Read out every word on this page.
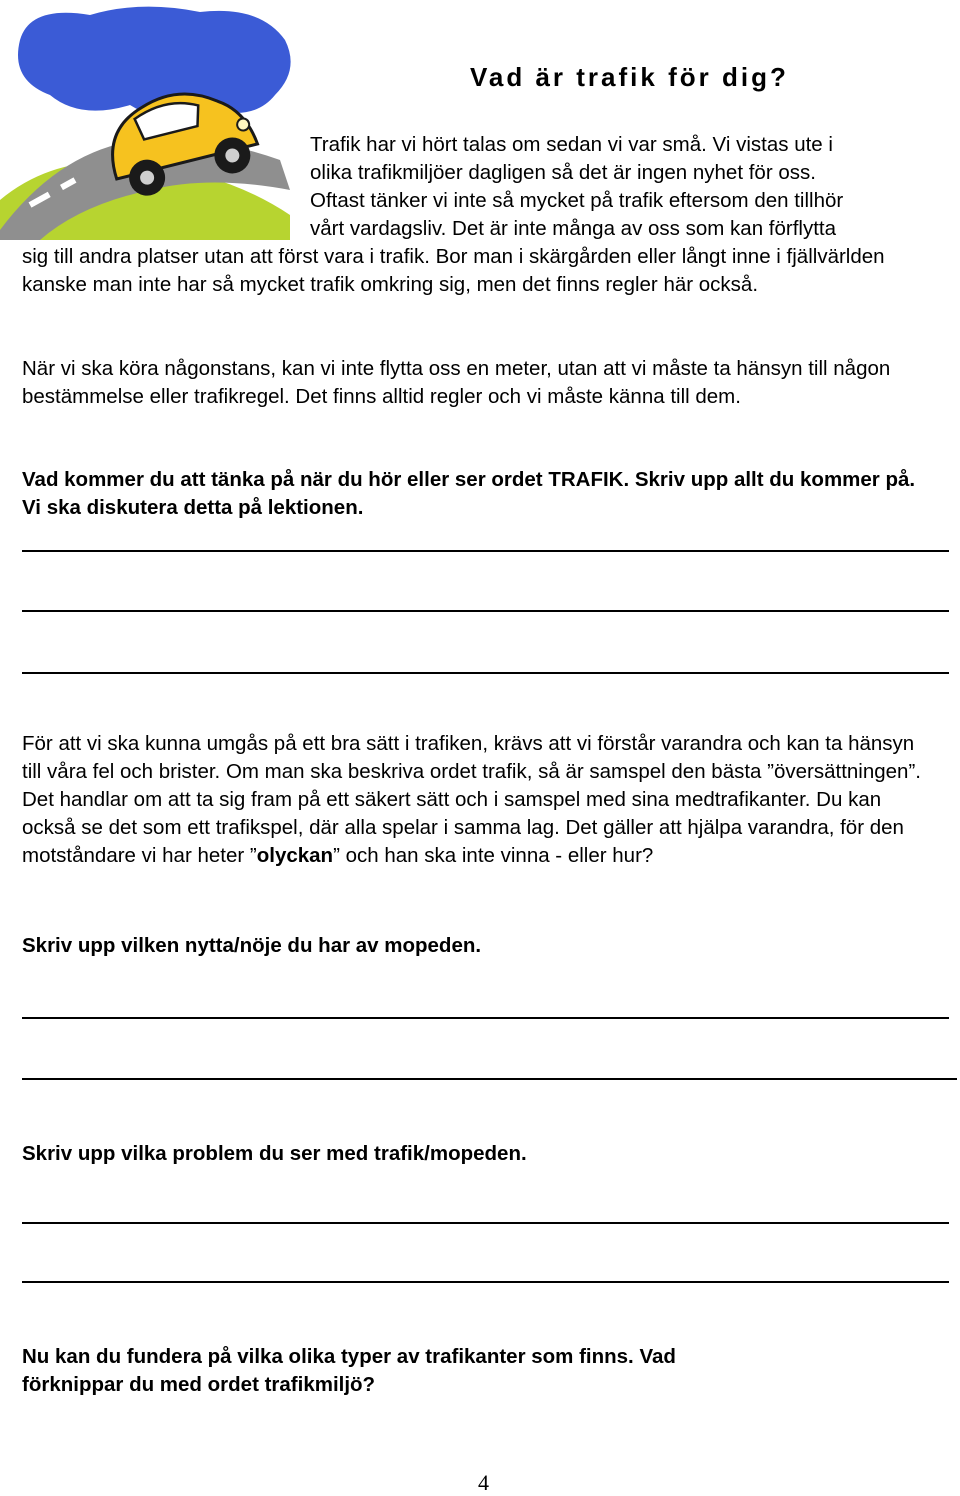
Vad är trafik för dig?

Trafik har vi hört talas om sedan vi var små. Vi vistas ute i

olika trafikmiljöer dagligen så det är ingen nyhet för oss.

Oftast tänker vi inte så mycket på trafik eftersom den tillhör

vårt vardagsliv. Det är inte många av oss som kan förflytta

sig till andra platser utan att först vara i trafik. Bor man i skärgården eller långt inne i fjällvärlden kanske man inte har så mycket trafik omkring sig, men det finns regler här också.

När vi ska köra någonstans, kan vi inte flytta oss en meter, utan att vi måste ta hänsyn till någon bestämmelse eller trafikregel. Det finns alltid regler och vi måste känna till dem.

Vad kommer du att tänka på när du hör eller ser ordet TRAFIK. Skriv upp allt du kommer på. Vi ska diskutera detta på lektionen.

För att vi ska kunna umgås på ett bra sätt i trafiken, krävs att vi förstår varandra och kan ta hänsyn till våra fel och brister. Om man ska beskriva ordet trafik, så är samspel den bästa ”översättningen”. Det handlar om att ta sig fram på ett säkert sätt och i samspel med sina medtrafikanter. Du kan också se det som ett trafikspel, där alla spelar i samma lag. Det gäller att hjälpa varandra, för den motståndare vi har heter ”olyckan” och han ska inte vinna - eller hur?

Skriv upp vilken nytta/nöje du har av mopeden.

Skriv upp vilka problem du ser med trafik/mopeden.

Nu kan du fundera på vilka olika typer av trafikanter som finns. Vad förknippar du med ordet trafikmiljö?

4
